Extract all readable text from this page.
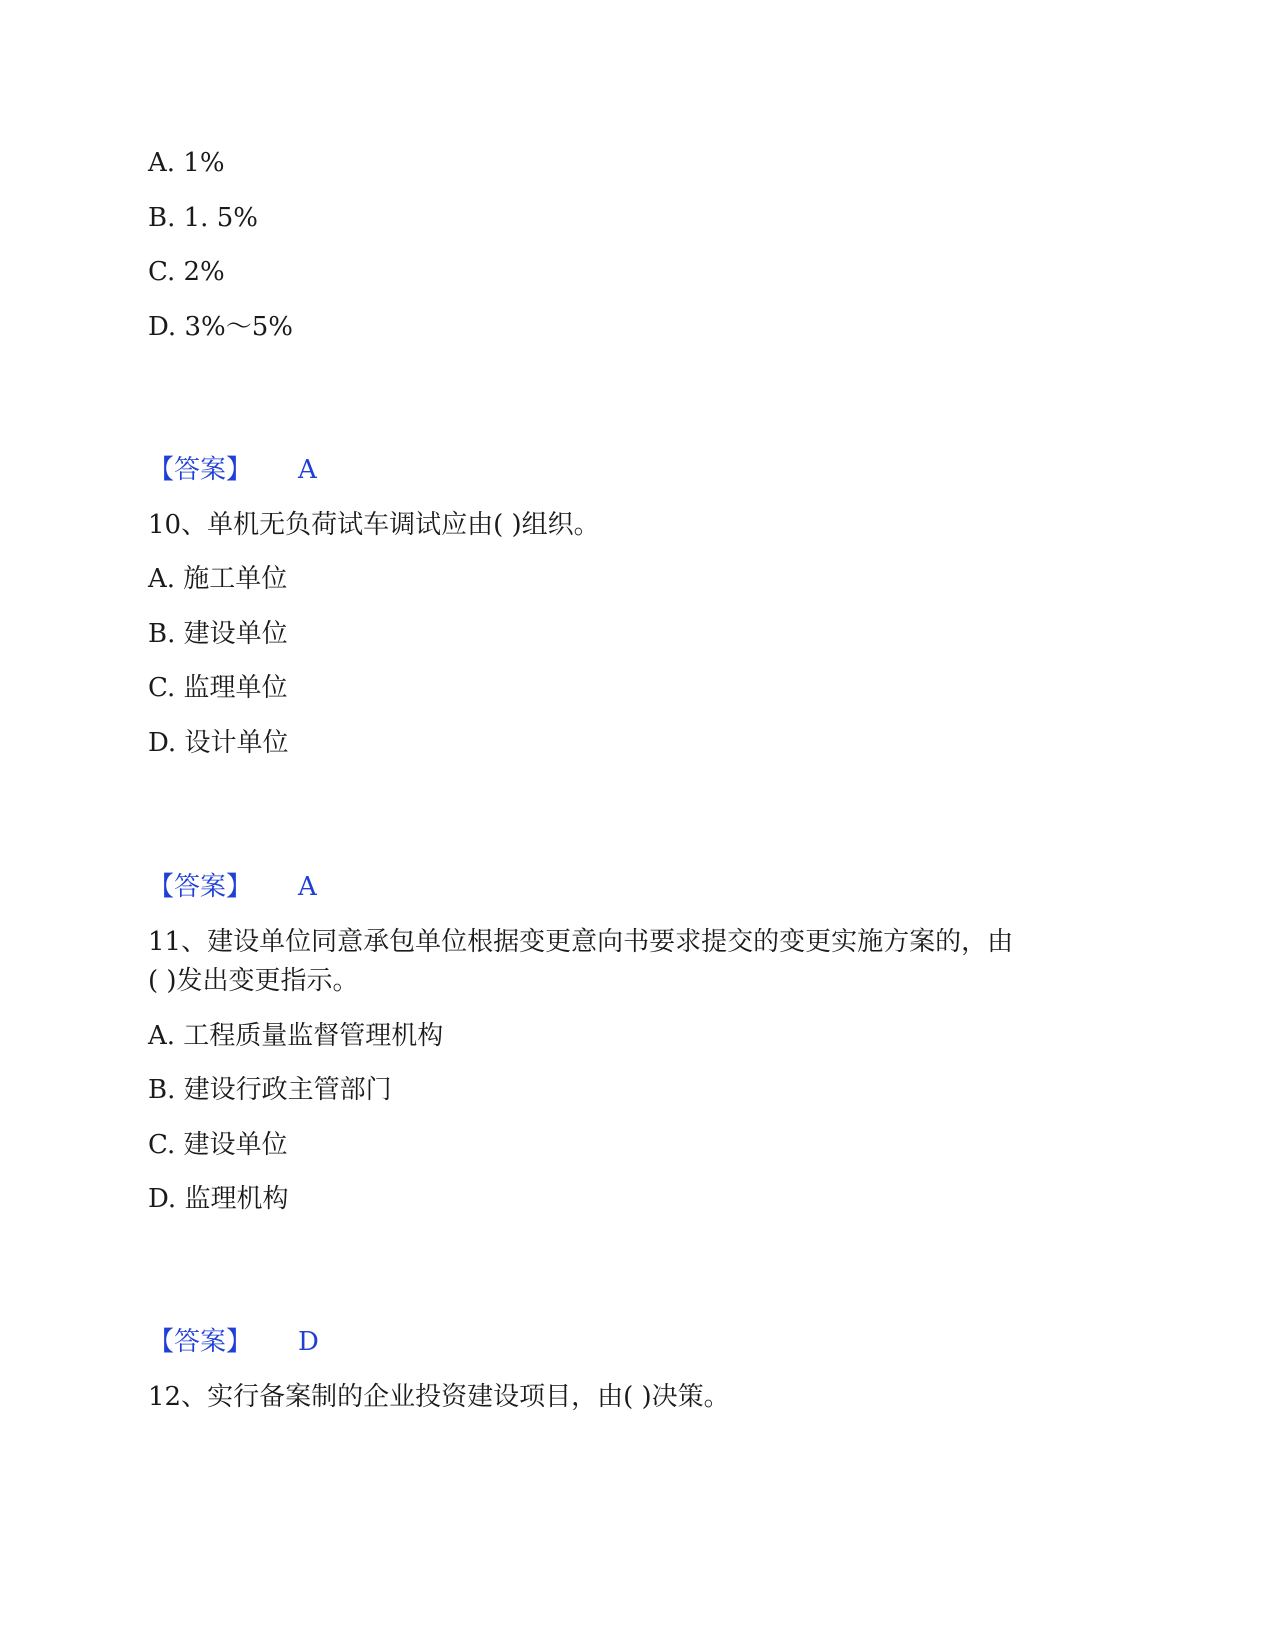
A. 1%
B. 1. 5%
C. 2%
D. 3%～5%
【答案】 A
10、单机无负荷试车调试应由( )组织。
A. 施工单位
B. 建设单位
C. 监理单位
D. 设计单位
【答案】 A
11、建设单位同意承包单位根据变更意向书要求提交的变更实施方案的，由
( )发出变更指示。
A. 工程质量监督管理机构
B. 建设行政主管部门
C. 建设单位
D. 监理机构
【答案】 D
12、实行备案制的企业投资建设项目，由( )决策。
